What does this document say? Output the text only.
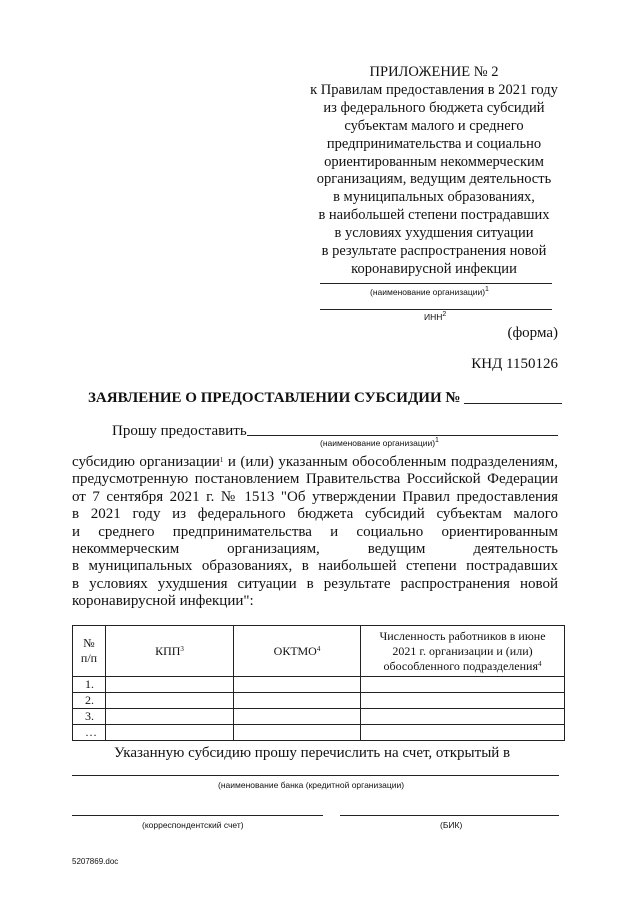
ПРИЛОЖЕНИЕ № 2
к Правилам предоставления в 2021 году
из федерального бюджета субсидий
субъектам малого и среднего
предпринимательства и социально
ориентированным некоммерческим
организациям, ведущим деятельность
в муниципальных образованиях,
в наибольшей степени пострадавших
в условиях ухудшения ситуации
в результате распространения новой
коронавирусной инфекции
(наименование организации)$^1$
ИНН$^2$
(форма)
КНД 1150126
ЗАЯВЛЕНИЕ О ПРЕДОСТАВЛЕНИИ СУБСИДИИ №
Прошу предоставить
(наименование организации)$^1$
субсидию организации$^1$ и (или) указанным обособленным подразделениям,
предусмотренную постановлением Правительства Российской Федерации
от 7 сентября 2021 г. № 1513 "Об утверждении Правил предоставления
в 2021 году из федерального бюджета субсидий субъектам малого
и среднего предпринимательства и социально ориентированным
некоммерческим организациям, ведущим деятельность
в муниципальных образованиях, в наибольшей степени пострадавших
в условиях ухудшения ситуации в результате распространения новой
коронавирусной инфекции":
№ п/п	КПП$^3$	ОКТМО$^4$	Численность работников в июне 2021 г. организации и (или) обособленного подразделения$^4$
1.			
2.			
3.			
…			
Указанную субсидию прошу перечислить на счет, открытый в
(наименование банка (кредитной организации)
(корреспондентский счет)	(БИК)
5207869.doc
